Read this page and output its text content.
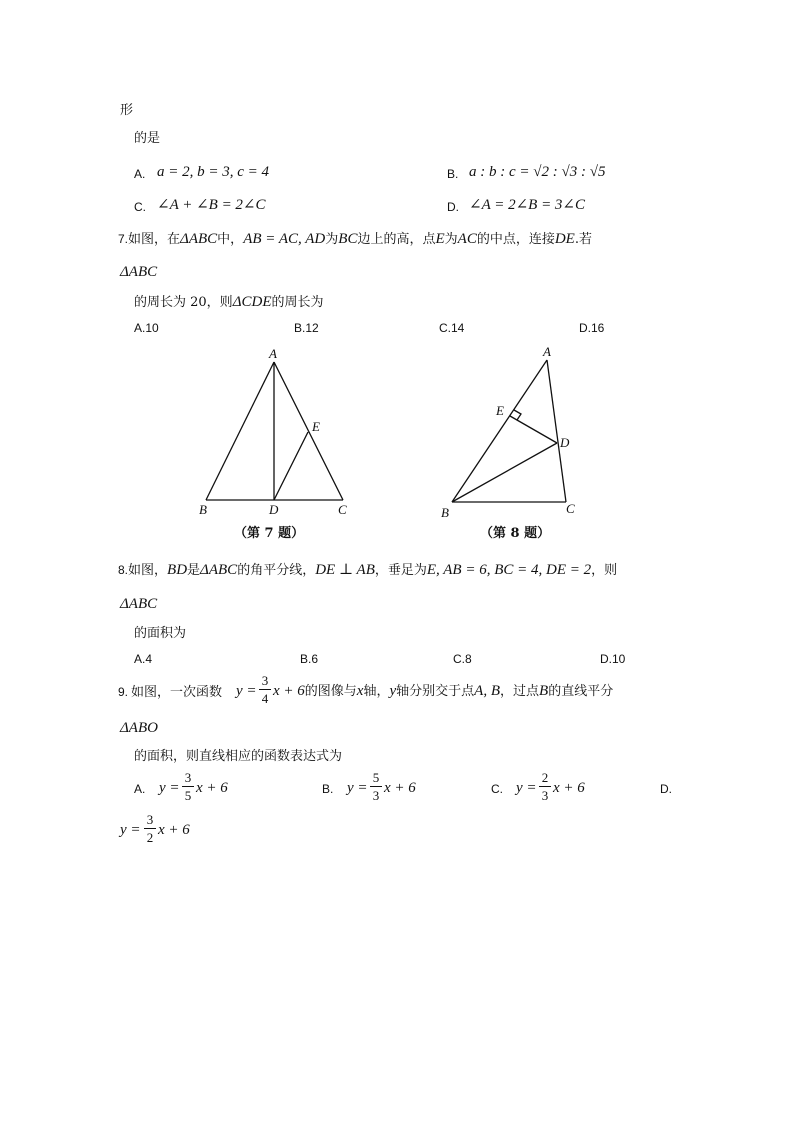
形
的是
A. a = 2, b = 3, c = 4	B. a : b : c = √2 : √3 : √5
C. ∠A + ∠B = 2∠C	D. ∠A = 2∠B = 3∠C
7.如图，在ΔABC中，AB = AC, AD为BC边上的高，点E为AC的中点，连接DE.若
ΔABC
的周长为 20，则ΔCDE的周长为
A.10	B.12	C.14	D.16
A
B	C
D
E
（第 7 题）
A
B	C
D
E
（第 8 题）
8.如图，BD是ΔABC的角平分线，DE ⊥ AB，垂足为E, AB = 6, BC = 4, DE = 2，则
ΔABC
的面积为
A.4	B.6	C.8	D.10
9. 如图，一次函数 y =
3
4 x + 6的图像与x轴，y轴分别交于点A, B，过点B的直线平分
ΔABO
的面积，则直线相应的函数表达式为
A. y =
3
5 x + 6	B. y =
5
3 x + 6	C. y =
2
3 x + 6	D.
y =
3
2 x + 6
